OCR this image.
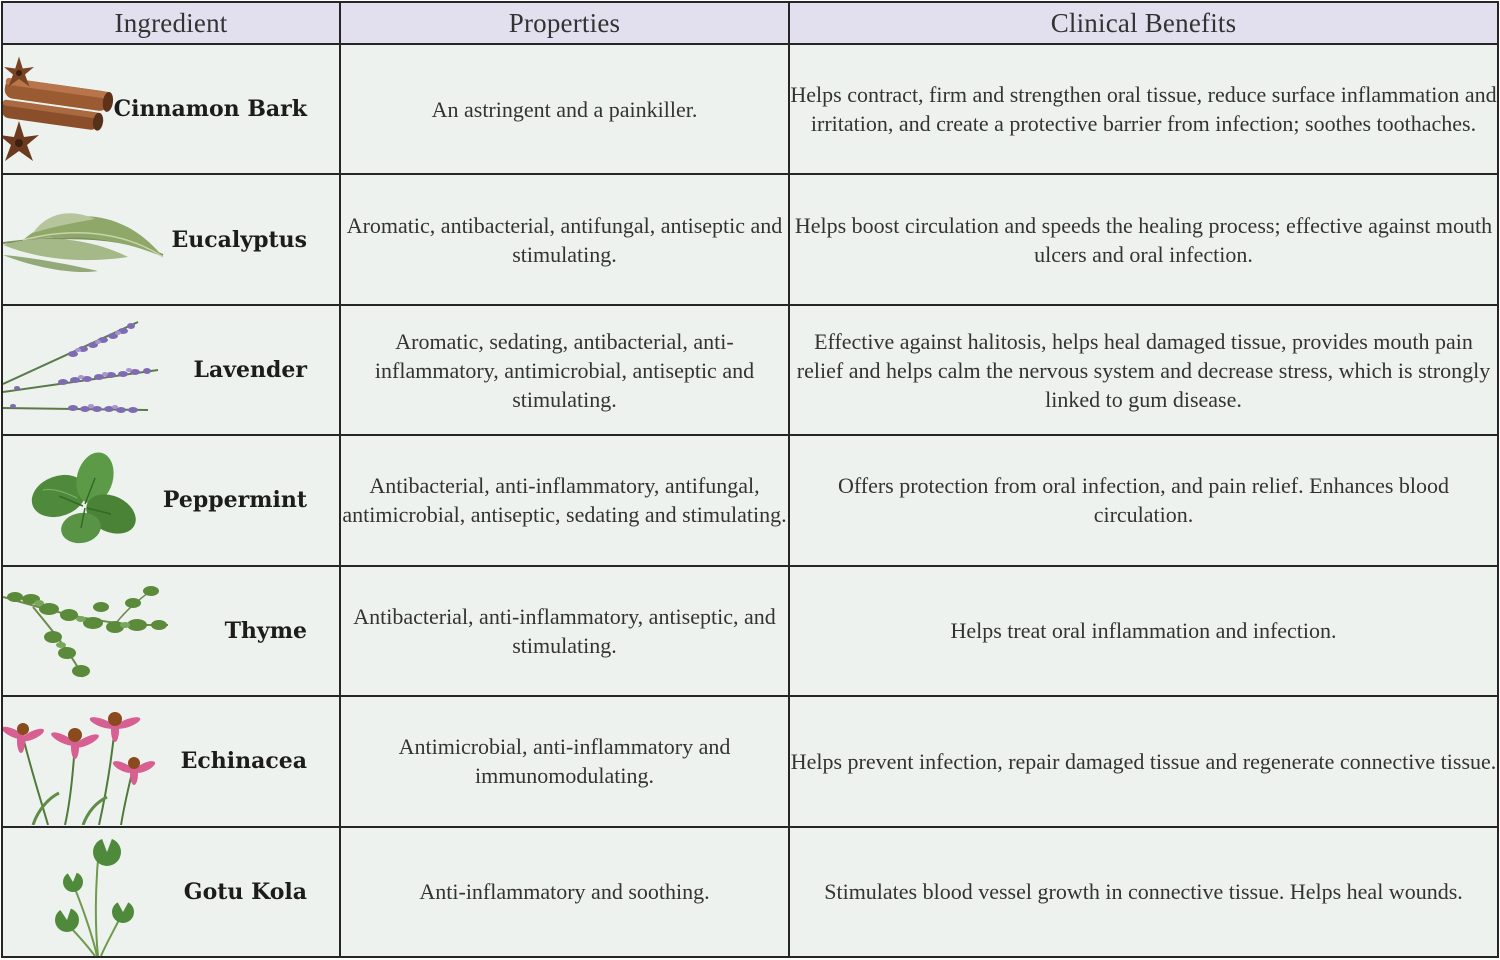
Ingredient	Properties	Clinical Benefits

Cinnamon Bark	An astringent and a painkiller.	Helps contract, firm and strengthen oral tissue, reduce surface inflammation and irritation, and create a protective barrier from infection; soothes toothaches.

Eucalyptus	Aromatic, antibacterial, antifungal, antiseptic and stimulating.	Helps boost circulation and speeds the healing process; effective against mouth ulcers and oral infection.

Lavender	Aromatic, sedating, antibacterial, anti-inflammatory, antimicrobial, antiseptic and stimulating.	Effective against halitosis, helps heal damaged tissue, provides mouth pain relief and helps calm the nervous system and decrease stress, which is strongly linked to gum disease.

Peppermint	Antibacterial, anti-inflammatory, antifungal, antimicrobial, antiseptic, sedating and stimulating.	Offers protection from oral infection, and pain relief. Enhances blood circulation.

Thyme	Antibacterial, anti-inflammatory, antiseptic, and stimulating.	Helps treat oral inflammation and infection.

Echinacea	Antimicrobial, anti-inflammatory and immunomodulating.	Helps prevent infection, repair damaged tissue and regenerate connective tissue.

Gotu Kola	Anti-inflammatory and soothing.	Stimulates blood vessel growth in connective tissue. Helps heal wounds.
